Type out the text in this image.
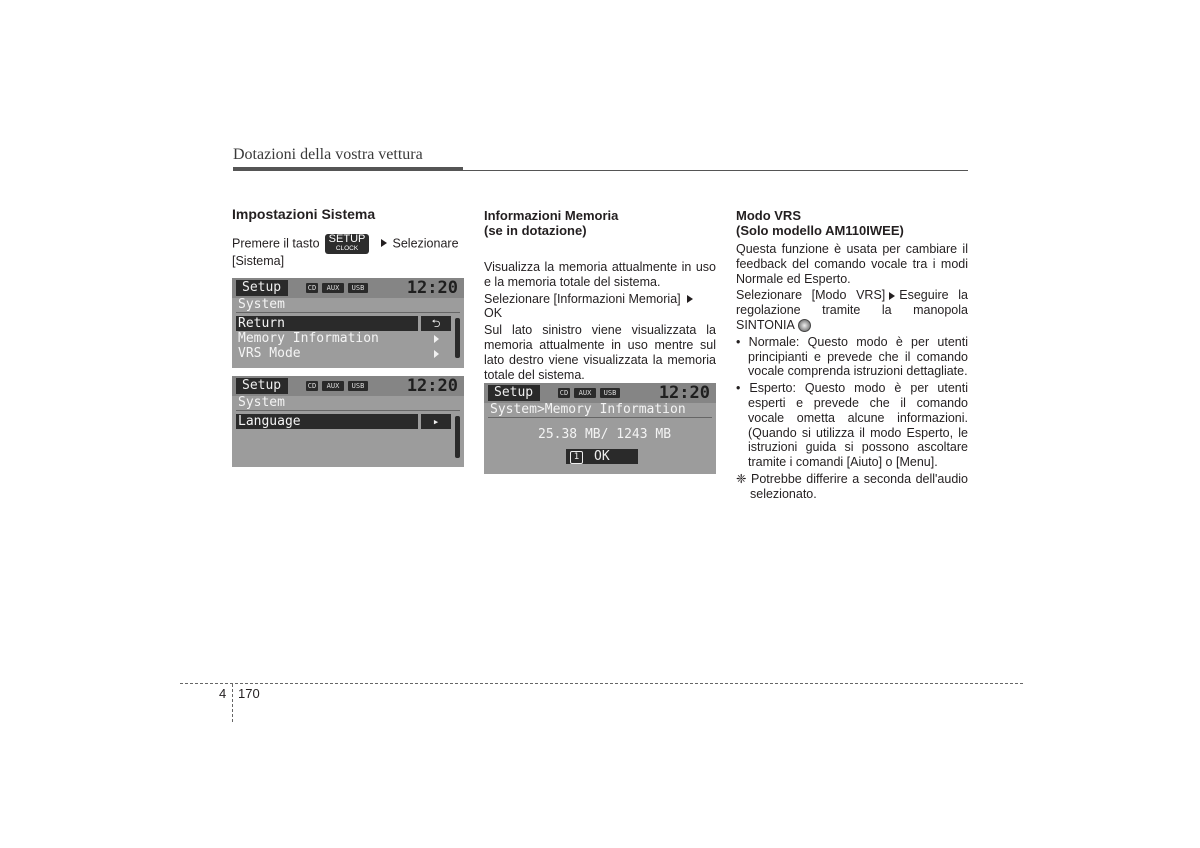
Dotazioni della vostra vettura
Impostazioni Sistema

Premere il tasto SETUP
CLOCK	Selezionare
[Sistema]

Setup	CD	AUX	USB 12:20
System
Return	⮌
Memory Information
VRS Mode
Setup	CD	AUX	USB 12:20
System
Language	▸
Informazioni Memoria
(se in dotazione)

Visualizza la memoria attualmente in uso e la memoria totale del sistema.

Selezionare [Informazioni Memoria]
OK

Sul lato sinistro viene visualizzata la memoria attualmente in uso mentre sul lato destro viene visualizzata la memoria totale del sistema.

Setup	CD	AUX	USB 12:20
System>Memory Information
25.38 MB/ 1243 MB
1 OK
Modo VRS
(Solo modello AM110IWEE)

Questa funzione è usata per cambiare il feedback del comando vocale tra i modi Normale ed Esperto.

Selezionare [Modo VRS] Eseguire la regolazione tramite la manopola SINTONIA

• Normale: Questo modo è per utenti principianti e prevede che il comando vocale comprenda istruzioni dettagliate.

• Esperto: Questo modo è per utenti esperti e prevede che il comando vocale ometta alcune informazioni. (Quando si utilizza il modo Esperto, le istruzioni guida si possono ascoltare tramite i comandi [Aiuto] o [Menu].

❈ Potrebbe differire a seconda dell'audio selezionato.

4 170
